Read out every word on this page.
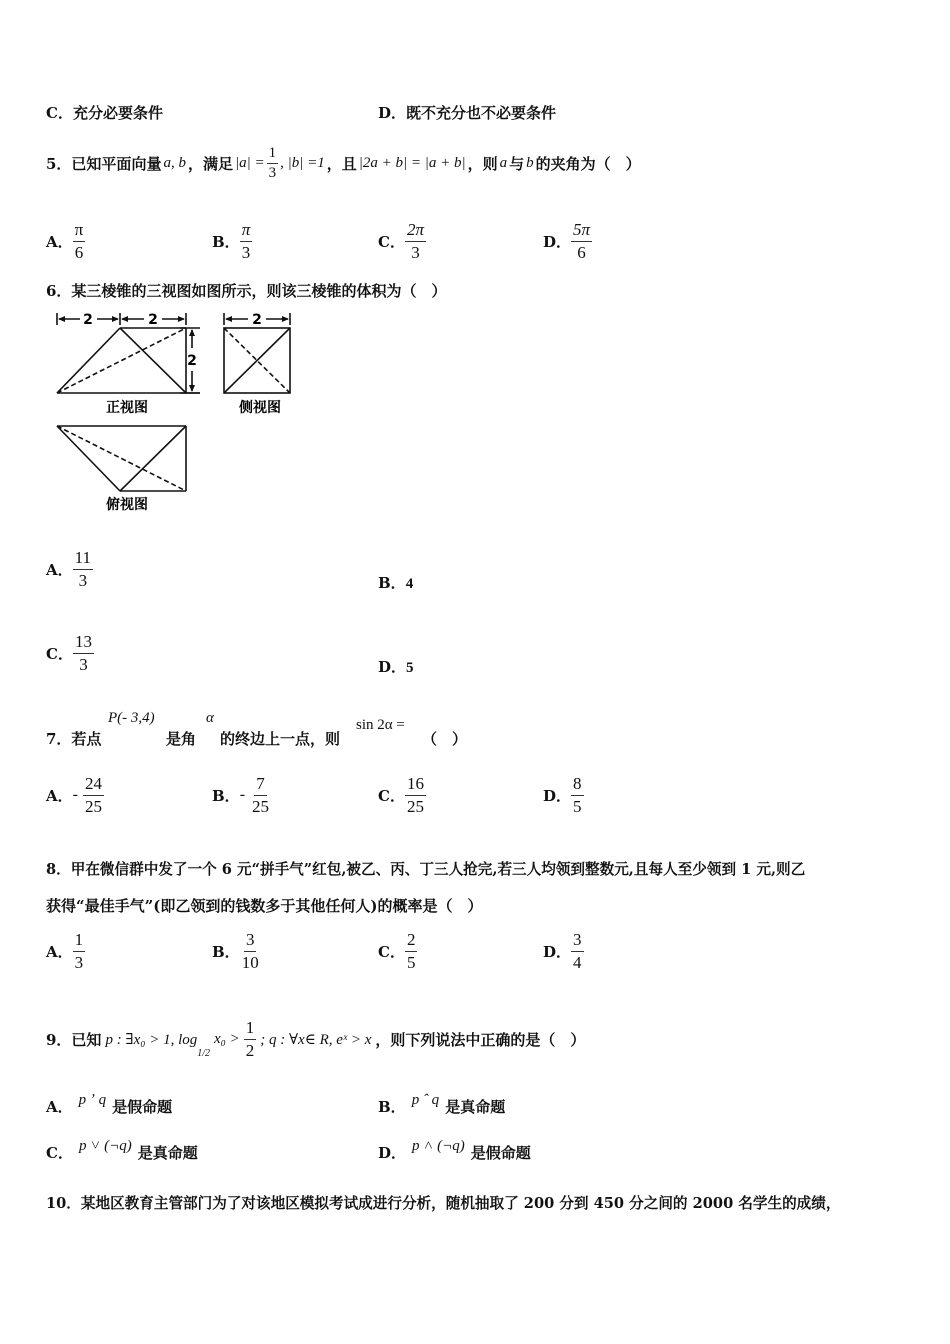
C．充分必要条件	D．既不充分也不必要条件
5．已知平面向量 a, b ，满足 $|a| = \frac{1}{3}$ , |b| =1 ，且 |2a + b| = |a + b| ，则 a 与 b 的夹角为（　）
A． $\frac{\pi}{6}$	B． $\frac{\pi}{3}$	C． $\frac{2\pi}{3}$	D． $\frac{5\pi}{6}$
6．某三棱锥的三视图如图所示，则该三棱锥的体积为（　）
2	2
2
正视图
2
侧视图
俯视图
A． $\frac{11}{3}$	B．4
C． $\frac{13}{3}$	D．5
7．若点
P(- 3,4)
是角
α
的终边上一点，则
sin 2α =
（　）
A． - $\frac{24}{25}$	B． - $\frac{7}{25}$	C． $\frac{16}{25}$	D． $\frac{8}{5}$
8．甲在微信群中发了一个 6 元“拼手气”红包,被乙、丙、丁三人抢完,若三人均领到整数元,且每人至少领到 1 元,则乙
获得“最佳手气”(即乙领到的钱数多于其他任何人)的概率是（　）
A． $\frac{1}{3}$	B． $\frac{3}{10}$	C． $\frac{2}{5}$	D． $\frac{3}{4}$
9．已知 p : ∃x₀ > 1, log
1/2
$x_0 > \frac{1}{2}$ ; q : ∀x∈ R, eˣ > x ，则下列说法中正确的是（　）
A． p ʼ q 是假命题	B． p ˆ q 是真命题
C． p ˅ (¬q) 是真命题	D． p ˄ (¬q) 是假命题
10．某地区教育主管部门为了对该地区模拟考试成进行分析，随机抽取了 200 分到 450 分之间的 2000 名学生的成绩，
